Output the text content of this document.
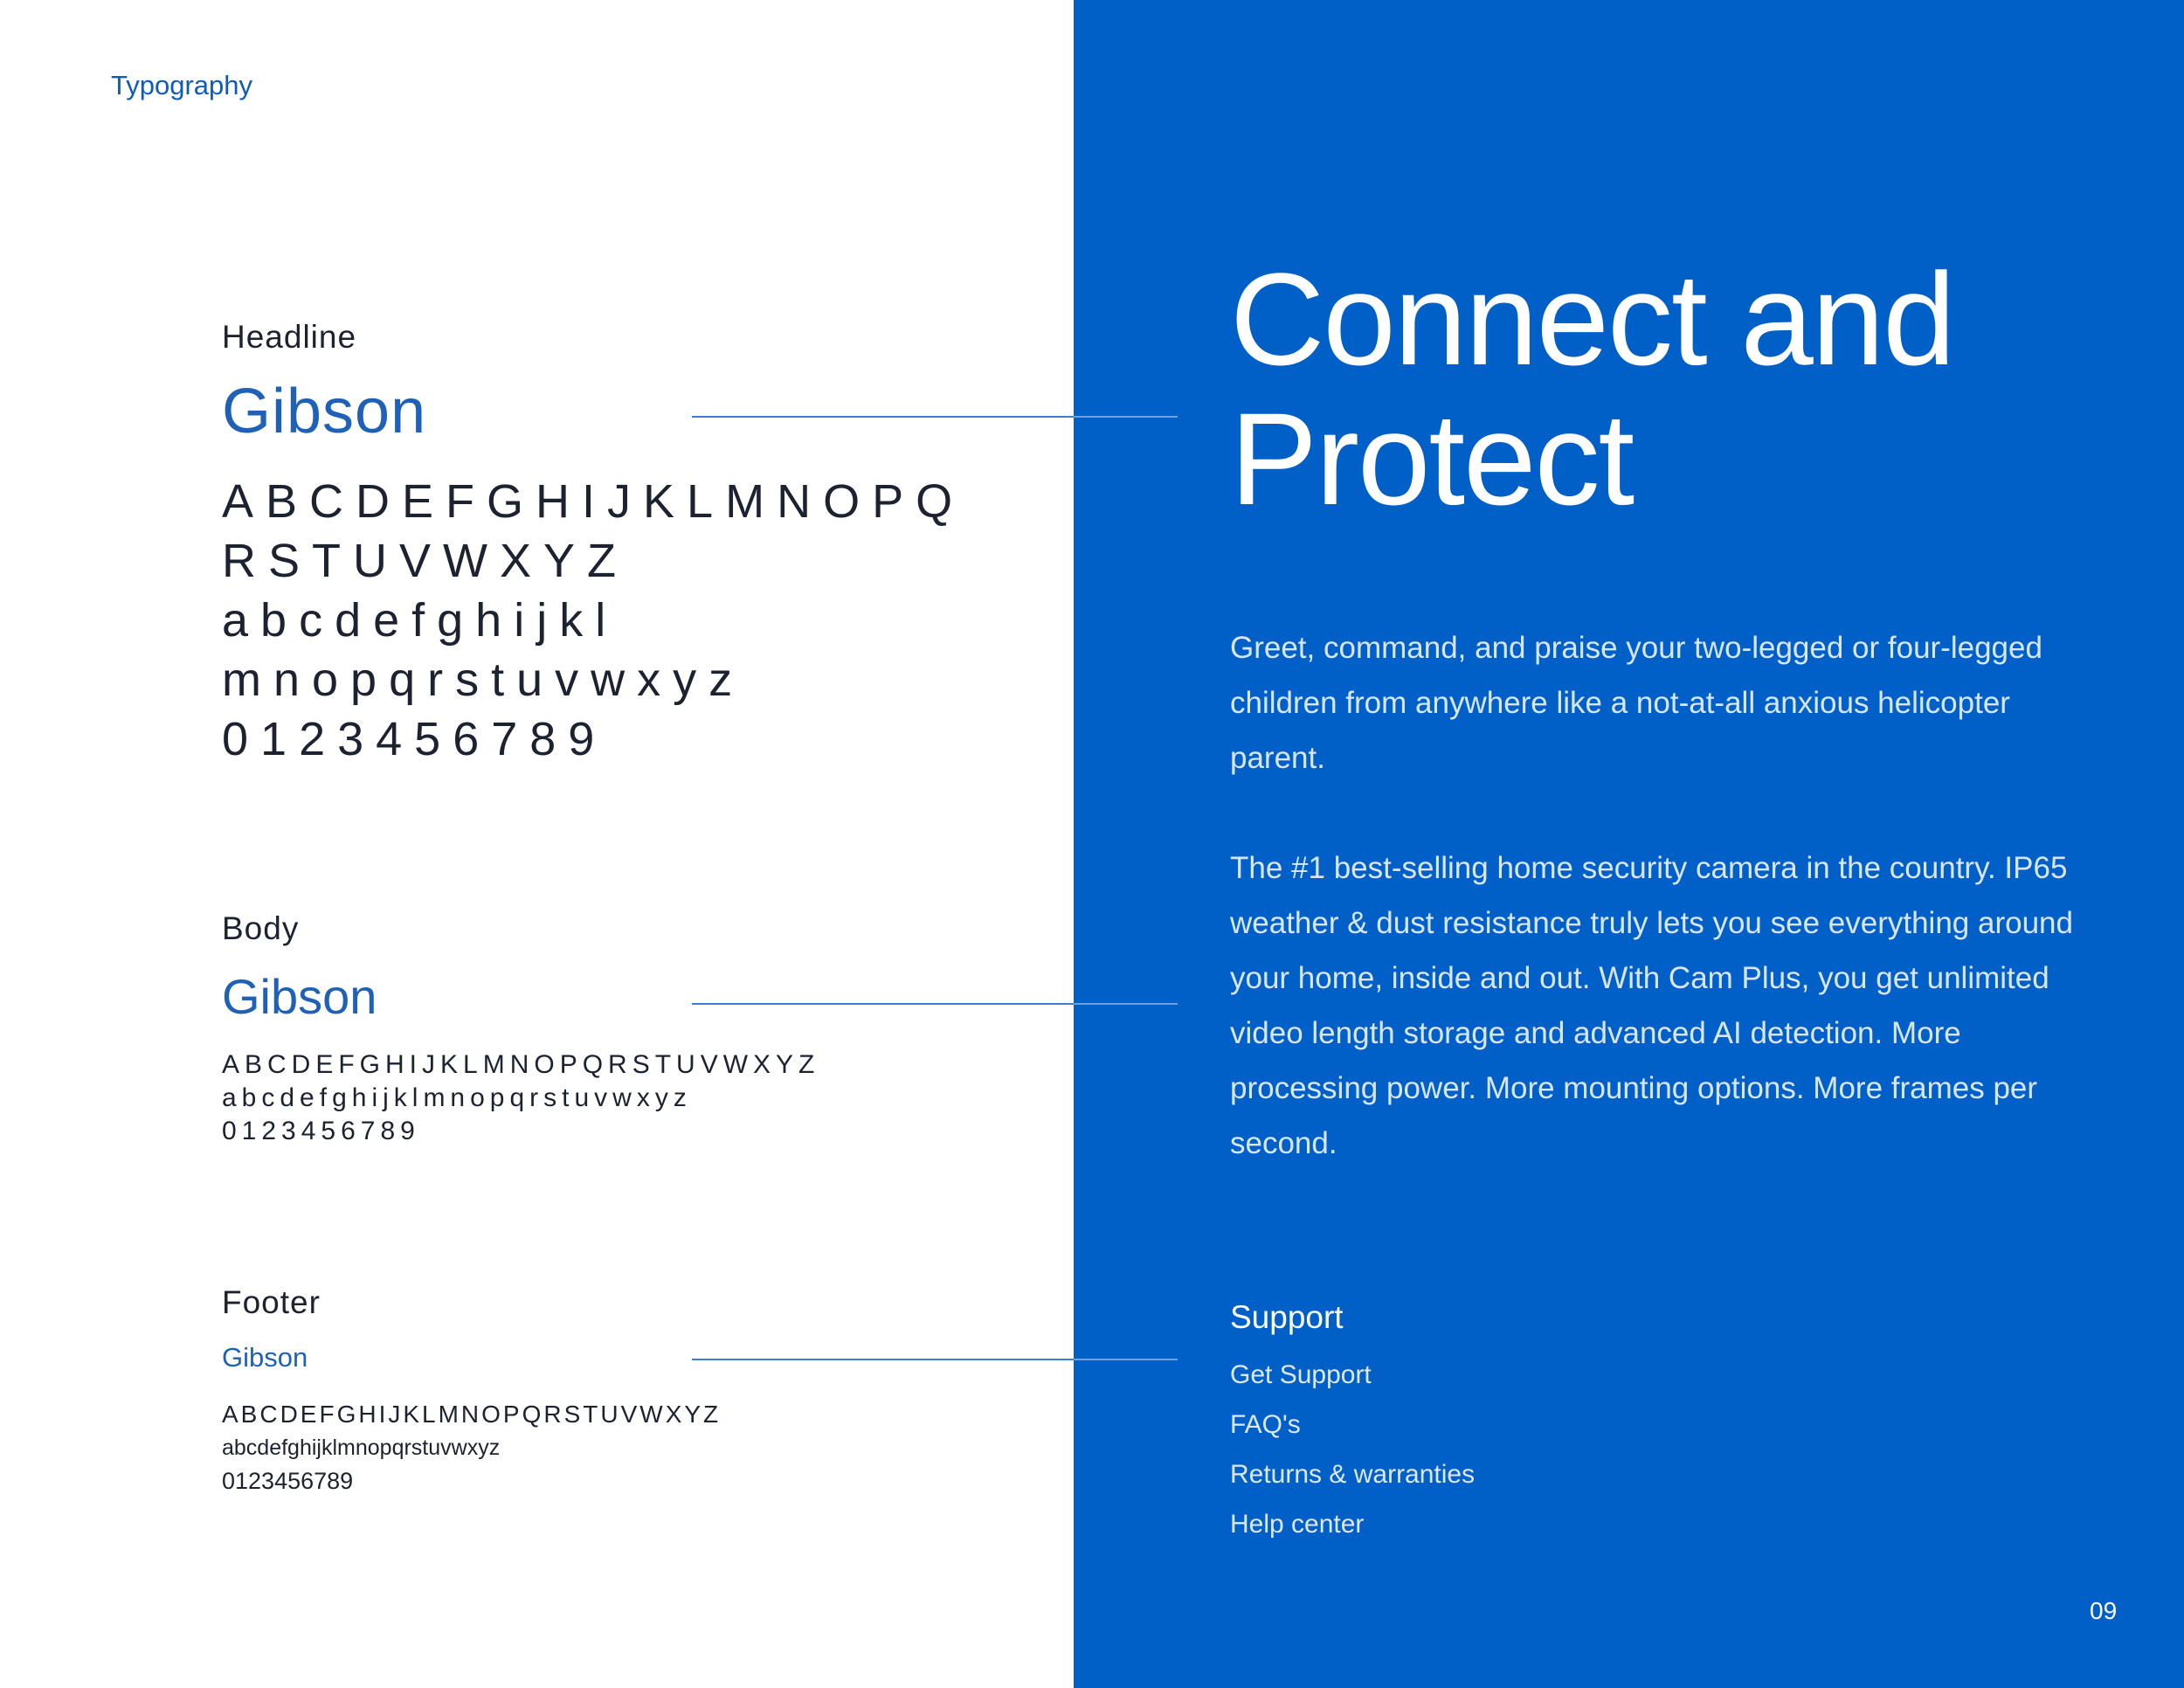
Typography
Headline
Gibson
ABCDEFGHIJKLMNOPQ
RSTUVWXYZ
abcdefghijkl
mnopqrstuvwxyz
0123456789
Body
Gibson
ABCDEFGHIJKLMNOPQRSTUVWXYZ
abcdefghijklmnopqrstuvwxyz
0123456789
Footer
Gibson
ABCDEFGHIJKLMNOPQRSTUVWXYZ
abcdefghijklmnopqrstuvwxyz
0123456789
Connect and
Protect
Greet, command, and praise your two-legged or four-legged children from anywhere like a not-at-all anxious helicopter parent.
The #1 best-selling home security camera in the country. IP65 weather & dust resistance truly lets you see everything around your home, inside and out. With Cam Plus, you get unlimited video length storage and advanced AI detection. More processing power. More mounting options. More frames per second.
Support
Get Support
FAQ's
Returns & warranties
Help center
09
